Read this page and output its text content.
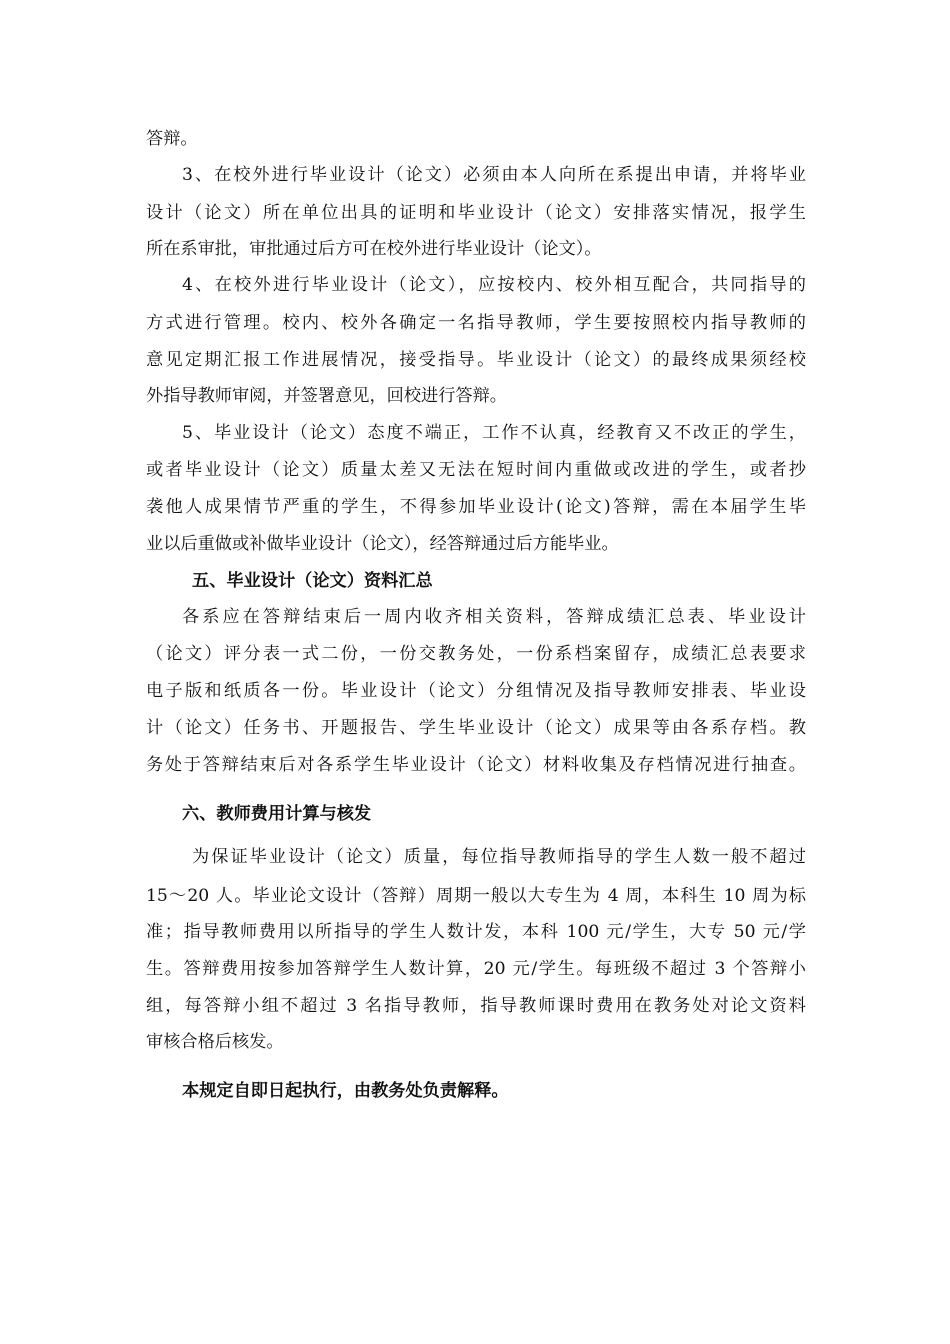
答辩。
3、在校外进行毕业设计（论文）必须由本人向所在系提出申请，并将毕业
设计（论文）所在单位出具的证明和毕业设计（论文）安排落实情况，报学生
所在系审批，审批通过后方可在校外进行毕业设计（论文）。
4、在校外进行毕业设计（论文），应按校内、校外相互配合，共同指导的
方式进行管理。校内、校外各确定一名指导教师，学生要按照校内指导教师的
意见定期汇报工作进展情况，接受指导。毕业设计（论文）的最终成果须经校
外指导教师审阅，并签署意见，回校进行答辩。
5、毕业设计（论文）态度不端正，工作不认真，经教育又不改正的学生，
或者毕业设计（论文）质量太差又无法在短时间内重做或改进的学生，或者抄
袭他人成果情节严重的学生，不得参加毕业设计(论文)答辩，需在本届学生毕
业以后重做或补做毕业设计（论文），经答辩通过后方能毕业。
五、毕业设计（论文）资料汇总
各系应在答辩结束后一周内收齐相关资料，答辩成绩汇总表、毕业设计
（论文）评分表一式二份，一份交教务处，一份系档案留存，成绩汇总表要求
电子版和纸质各一份。毕业设计（论文）分组情况及指导教师安排表、毕业设
计（论文）任务书、开题报告、学生毕业设计（论文）成果等由各系存档。教
务处于答辩结束后对各系学生毕业设计（论文）材料收集及存档情况进行抽查。
六、教师费用计算与核发
为保证毕业设计（论文）质量，每位指导教师指导的学生人数一般不超过
15～20 人。毕业论文设计（答辩）周期一般以大专生为 4 周，本科生 10 周为标
准；指导教师费用以所指导的学生人数计发，本科 100 元/学生，大专 50 元/学
生。答辩费用按参加答辩学生人数计算，20 元/学生。每班级不超过 3 个答辩小
组，每答辩小组不超过 3 名指导教师，指导教师课时费用在教务处对论文资料
审核合格后核发。
本规定自即日起执行，由教务处负责解释。
